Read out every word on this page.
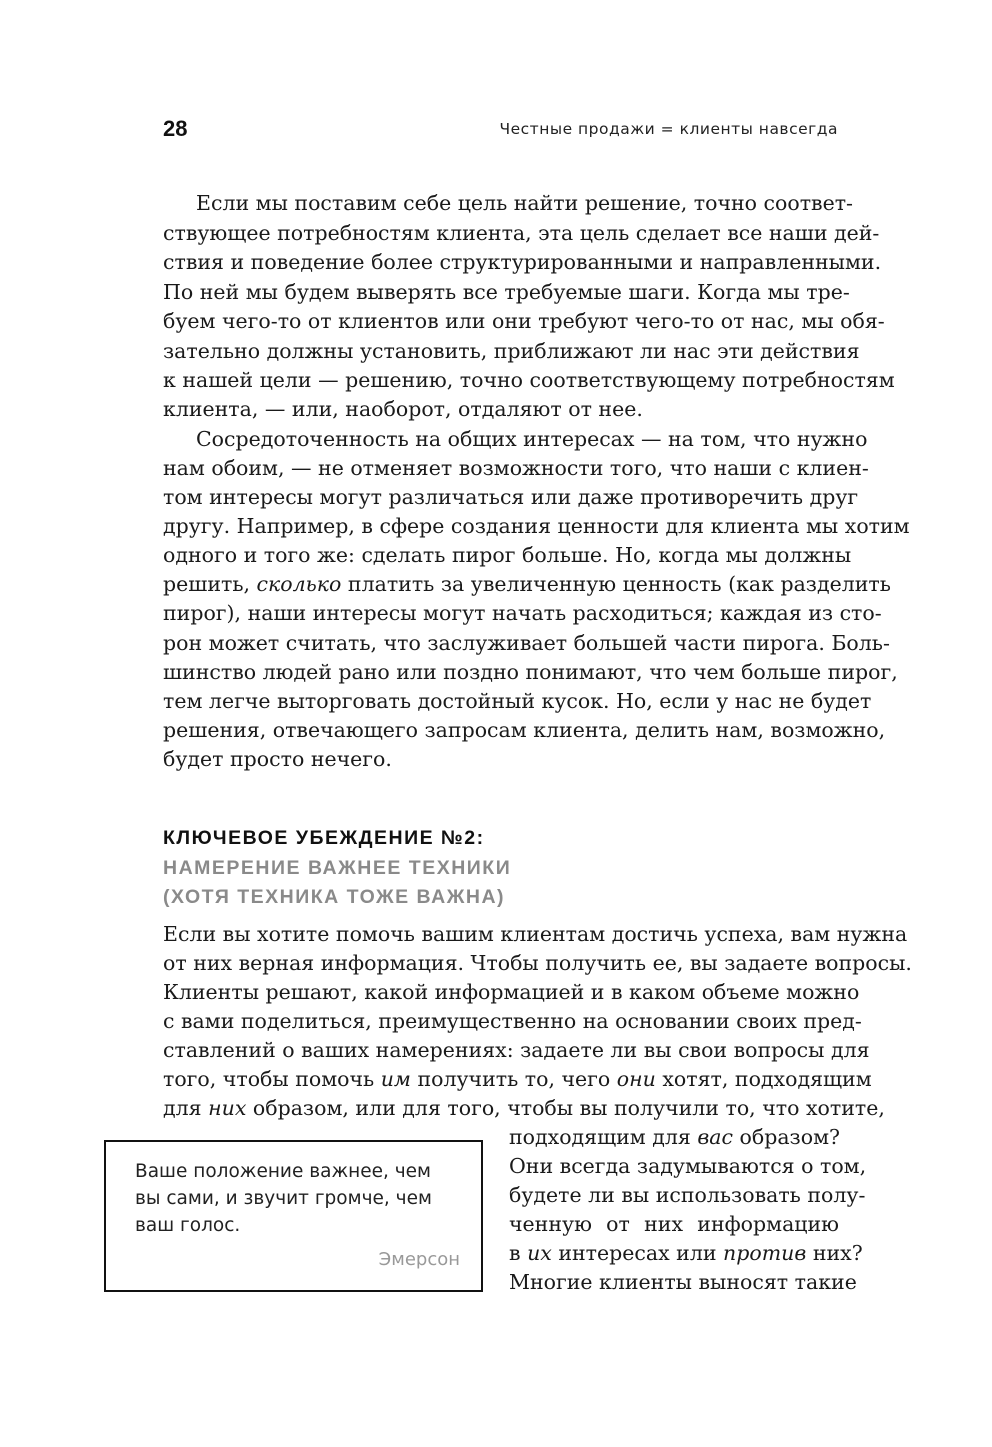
28	Честные продажи = клиенты навсегда
Если мы поставим себе цель найти решение, точно соответ-
ствующее потребностям клиента, эта цель сделает все наши дей-
ствия и поведение более структурированными и направленными.
По ней мы будем выверять все требуемые шаги. Когда мы тре-
буем чего-то от клиентов или они требуют чего-то от нас, мы обя-
зательно должны установить, приближают ли нас эти действия
к нашей цели — решению, точно соответствующему потребностям
клиента, — или, наоборот, отдаляют от нее.
Сосредоточенность на общих интересах — на том, что нужно
нам обоим, — не отменяет возможности того, что наши с клиен-
том интересы могут различаться или даже противоречить друг
другу. Например, в сфере создания ценности для клиента мы хотим
одного и того же: сделать пирог больше. Но, когда мы должны
решить, сколько платить за увеличенную ценность (как разделить
пирог), наши интересы могут начать расходиться; каждая из сто-
рон может считать, что заслуживает большей части пирога. Боль-
шинство людей рано или поздно понимают, что чем больше пирог,
тем легче выторговать достойный кусок. Но, если у нас не будет
решения, отвечающего запросам клиента, делить нам, возможно,
будет просто нечего.
КЛЮЧЕВОЕ УБЕЖДЕНИЕ №2:
НАМЕРЕНИЕ ВАЖНЕЕ ТЕХНИКИ
(ХОТЯ ТЕХНИКА ТОЖЕ ВАЖНА)
Если вы хотите помочь вашим клиентам достичь успеха, вам нужна
от них верная информация. Чтобы получить ее, вы задаете вопросы.
Клиенты решают, какой информацией и в каком объеме можно
с вами поделиться, преимущественно на основании своих пред-
ставлений о ваших намерениях: задаете ли вы свои вопросы для
того, чтобы помочь им получить то, чего они хотят, подходящим
для них образом, или для того, чтобы вы получили то, что хотите,
подходящим для вас образом?
Они всегда задумываются о том,
будете ли вы использовать полу-
ченную от них информацию
в их интересах или против них?
Многие клиенты выносят такие
Ваше положение важнее, чем
вы сами, и звучит громче, чем
ваш голос.
Эмерсон
